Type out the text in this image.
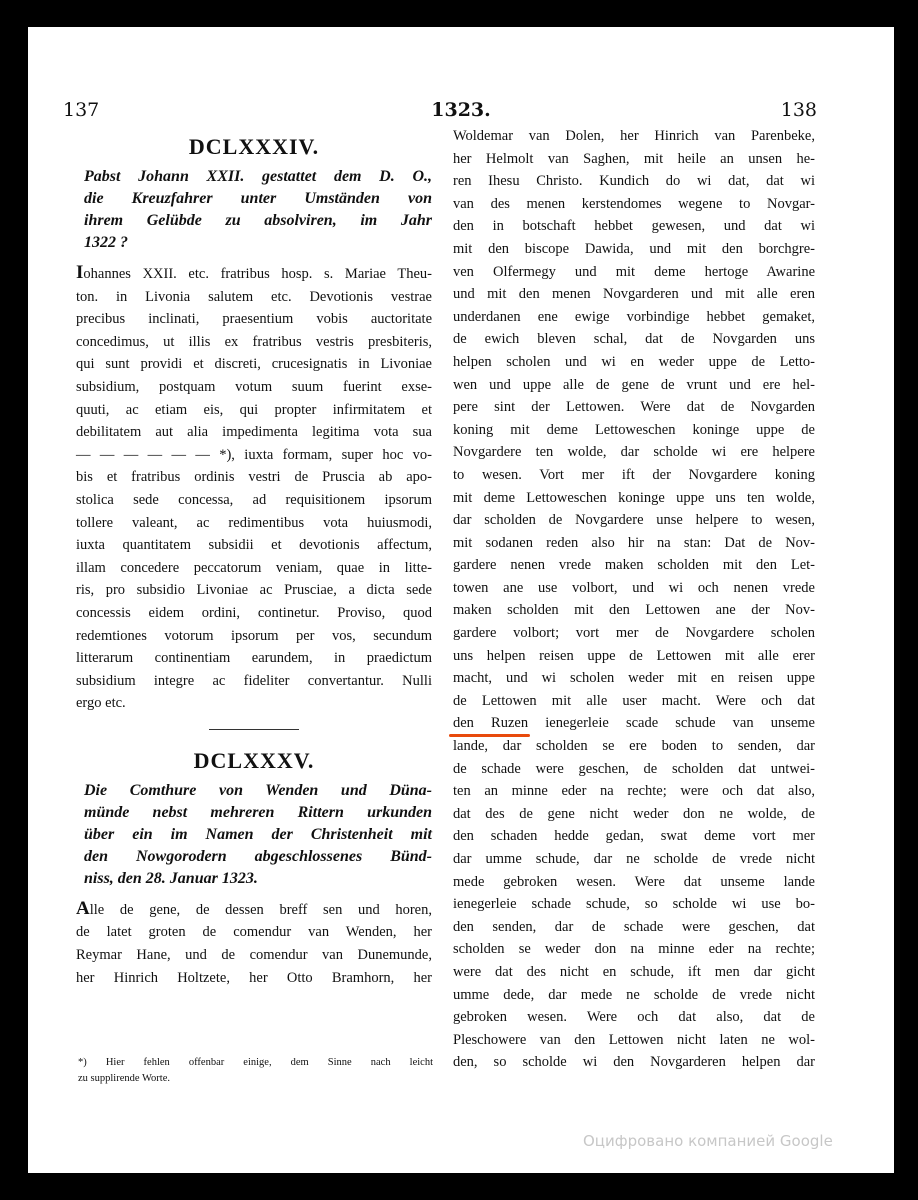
137	1323.	138
DCLXXXIV.
Pabst Johann XXII. gestattet dem D. O.,
die Kreuzfahrer unter Umständen von
ihrem Gelübde zu absolviren, im Jahr
1322 ?
Iohannes XXII. etc. fratribus hosp. s. Mariae Theu-
ton. in Livonia salutem etc. Devotionis vestrae
precibus inclinati, praesentium vobis auctoritate
concedimus, ut illis ex fratribus vestris presbiteris,
qui sunt providi et discreti, crucesignatis in Livoniae
subsidium, postquam votum suum fuerint exse-
quuti, ac etiam eis, qui propter infirmitatem et
debilitatem aut alia impedimenta legitima vota sua
— — — — — — *), iuxta formam, super hoc vo-
bis et fratribus ordinis vestri de Pruscia ab apo-
stolica sede concessa, ad requisitionem ipsorum
tollere valeant, ac redimentibus vota huiusmodi,
iuxta quantitatem subsidii et devotionis affectum,
illam concedere peccatorum veniam, quae in litte-
ris, pro subsidio Livoniae ac Prusciae, a dicta sede
concessis eidem ordini, continetur. Proviso, quod
redemtiones votorum ipsorum per vos, secundum
litterarum continentiam earundem, in praedictum
subsidium integre ac fideliter convertantur. Nulli
ergo etc.
DCLXXXV.
Die Comthure von Wenden und Düna-
münde nebst mehreren Rittern urkunden
über ein im Namen der Christenheit mit
den Nowgorodern abgeschlossenes Bünd-
niss, den 28. Januar 1323.
Alle de gene, de dessen breff sen und horen,
de latet groten de comendur van Wenden, her
Reymar Hane, und de comendur van Dunemunde,
her Hinrich Holtzete, her Otto Bramhorn, her
*) Hier fehlen offenbar einige, dem Sinne nach leicht
zu supplirende Worte.
Woldemar van Dolen, her Hinrich van Parenbeke,
her Helmolt van Saghen, mit heile an unsen he-
ren Ihesu Christo. Kundich do wi dat, dat wi
van des menen kerstendomes wegene to Novgar-
den in botschaft hebbet gewesen, und dat wi
mit den biscope Dawida, und mit den borchgre-
ven Olfermegy und mit deme hertoge Awarine
und mit den menen Novgarderen und mit alle eren
underdanen ene ewige vorbindige hebbet gemaket,
de ewich bleven schal, dat de Novgarden uns
helpen scholen und wi en weder uppe de Letto-
wen und uppe alle de gene de vrunt und ere hel-
pere sint der Lettowen. Were dat de Novgarden
koning mit deme Lettoweschen koninge uppe de
Novgardere ten wolde, dar scholde wi ere helpere
to wesen. Vort mer ift der Novgardere koning
mit deme Lettoweschen koninge uppe uns ten wolde,
dar scholden de Novgardere unse helpere to wesen,
mit sodanen reden also hir na stan: Dat de Nov-
gardere nenen vrede maken scholden mit den Let-
towen ane use volbort, und wi och nenen vrede
maken scholden mit den Lettowen ane der Nov-
gardere volbort; vort mer de Novgardere scholen
uns helpen reisen uppe de Lettowen mit alle erer
macht, und wi scholen weder mit en reisen uppe
de Lettowen mit alle user macht. Were och dat
den Ruzen ienegerleie scade schude van unseme
lande, dar scholden se ere boden to senden, dar
de schade were geschen, de scholden dat untwei-
ten an minne eder na rechte; were och dat also,
dat des de gene nicht weder don ne wolde, de
den schaden hedde gedan, swat deme vort mer
dar umme schude, dar ne scholde de vrede nicht
mede gebroken wesen. Were dat unseme lande
ienegerleie schade schude, so scholde wi use bo-
den senden, dar de schade were geschen, dat
scholden se weder don na minne eder na rechte;
were dat des nicht en schude, ift men dar gicht
umme dede, dar mede ne scholde de vrede nicht
gebroken wesen. Were och dat also, dat de
Pleschowere van den Lettowen nicht laten ne wol-
den, so scholde wi den Novgarderen helpen dar
Оцифровано компанией Google
